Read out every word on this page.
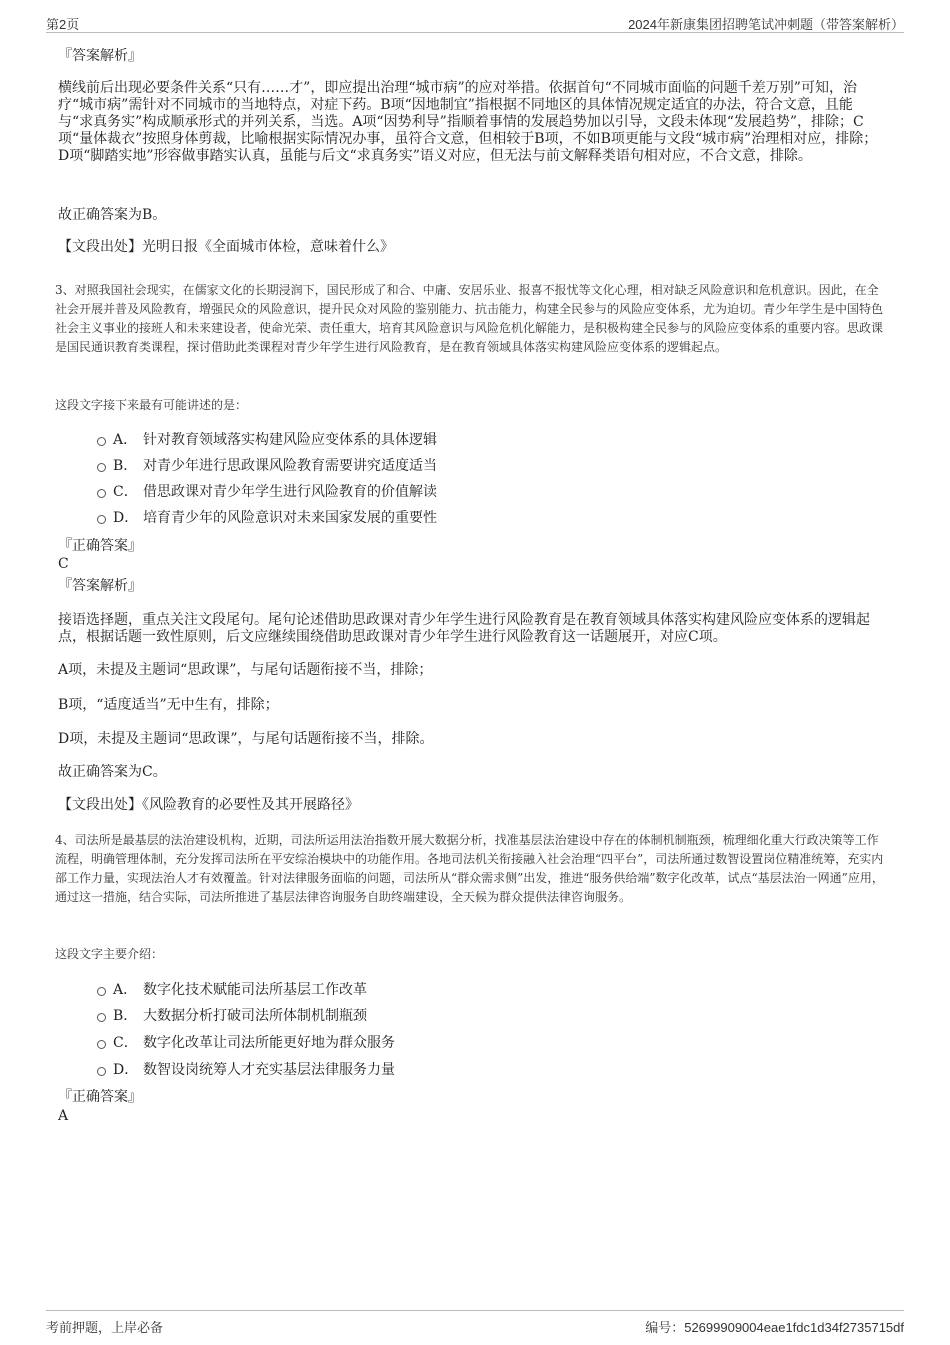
第2页	2024年新康集团招聘笔试冲刺题（带答案解析）
『答案解析』
横线前后出现必要条件关系“只有……才”，即应提出治理“城市病”的应对举措。依据首句“不同城市面临的问题千差万别”可知，治疗“城市病”需针对不同城市的当地特点，对症下药。B项“因地制宜”指根据不同地区的具体情况规定适宜的办法，符合文意，且能与“求真务实”构成顺承形式的并列关系，当选。A项“因势利导”指顺着事情的发展趋势加以引导，文段未体现“发展趋势”，排除；C项“量体裁衣”按照身体剪裁，比喻根据实际情况办事，虽符合文意，但相较于B项，不如B项更能与文段“城市病”治理相对应，排除；D项“脚踏实地”形容做事踏实认真，虽能与后文“求真务实”语义对应，但无法与前文解释类语句相对应，不合文意，排除。
故正确答案为B。
【文段出处】光明日报《全面城市体检，意味着什么》
3、对照我国社会现实，在儒家文化的长期浸润下，国民形成了和合、中庸、安居乐业、报喜不报忧等文化心理，相对缺乏风险意识和危机意识。因此，在全社会开展并普及风险教育，增强民众的风险意识，提升民众对风险的鉴别能力、抗击能力，构建全民参与的风险应变体系，尤为迫切。青少年学生是中国特色社会主义事业的接班人和未来建设者，使命光荣、责任重大，培育其风险意识与风险危机化解能力，是积极构建全民参与的风险应变体系的重要内容。思政课是国民通识教育类课程，探讨借助此类课程对青少年学生进行风险教育，是在教育领域具体落实构建风险应变体系的逻辑起点。
这段文字接下来最有可能讲述的是：
A． 针对教育领域落实构建风险应变体系的具体逻辑
B． 对青少年进行思政课风险教育需要讲究适度适当
C． 借思政课对青少年学生进行风险教育的价值解读
D． 培育青少年的风险意识对未来国家发展的重要性
『正确答案』
C
『答案解析』
接语选择题，重点关注文段尾句。尾句论述借助思政课对青少年学生进行风险教育是在教育领域具体落实构建风险应变体系的逻辑起点，根据话题一致性原则，后文应继续围绕借助思政课对青少年学生进行风险教育这一话题展开，对应C项。
A项，未提及主题词“思政课”，与尾句话题衔接不当，排除；
B项，“适度适当”无中生有，排除；
D项，未提及主题词“思政课”，与尾句话题衔接不当，排除。
故正确答案为C。
【文段出处】《风险教育的必要性及其开展路径》
4、司法所是最基层的法治建设机构，近期，司法所运用法治指数开展大数据分析，找准基层法治建设中存在的体制机制瓶颈，梳理细化重大行政决策等工作流程，明确管理体制，充分发挥司法所在平安综治模块中的功能作用。各地司法机关衔接融入社会治理“四平台”，司法所通过数智设置岗位精准统筹，充实内部工作力量，实现法治人才有效覆盖。针对法律服务面临的问题，司法所从“群众需求侧”出发，推进“服务供给端”数字化改革，试点“基层法治一网通”应用，通过这一措施，结合实际，司法所推进了基层法律咨询服务自助终端建设，全天候为群众提供法律咨询服务。
这段文字主要介绍：
A． 数字化技术赋能司法所基层工作改革
B． 大数据分析打破司法所体制机制瓶颈
C． 数字化改革让司法所能更好地为群众服务
D． 数智设岗统筹人才充实基层法律服务力量
『正确答案』
A
考前押题，上岸必备	编号：52699909004eae1fdc1d34f2735715df
